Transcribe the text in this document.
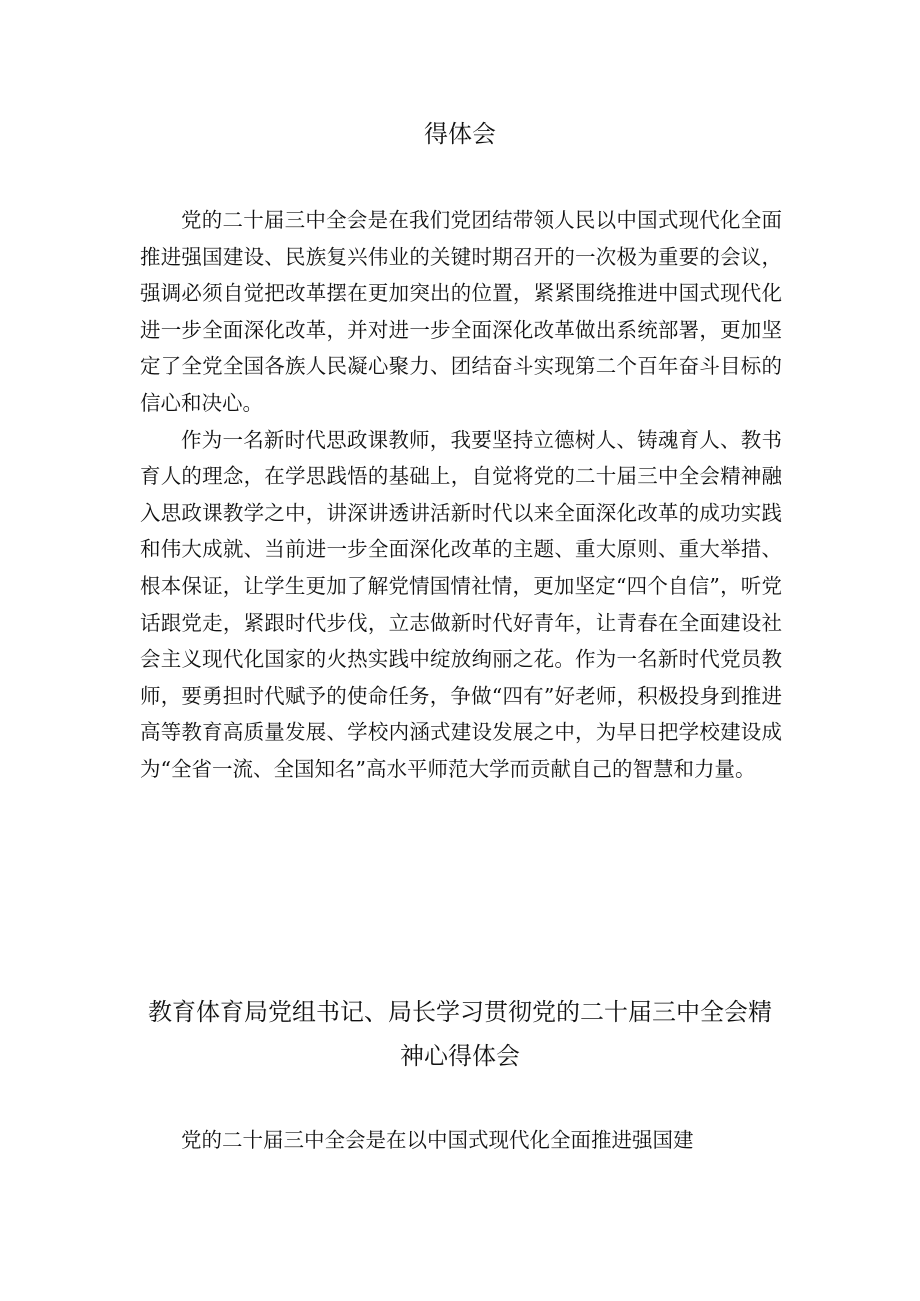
得体会

党的二十届三中全会是在我们党团结带领人民以中国式现代化全面推进强国建设、民族复兴伟业的关键时期召开的一次极为重要的会议，强调必须自觉把改革摆在更加突出的位置，紧紧围绕推进中国式现代化进一步全面深化改革，并对进一步全面深化改革做出系统部署，更加坚定了全党全国各族人民凝心聚力、团结奋斗实现第二个百年奋斗目标的信心和决心。

作为一名新时代思政课教师，我要坚持立德树人、铸魂育人、教书育人的理念，在学思践悟的基础上，自觉将党的二十届三中全会精神融入思政课教学之中，讲深讲透讲活新时代以来全面深化改革的成功实践和伟大成就、当前进一步全面深化改革的主题、重大原则、重大举措、根本保证，让学生更加了解党情国情社情，更加坚定“四个自信”，听党话跟党走，紧跟时代步伐，立志做新时代好青年，让青春在全面建设社会主义现代化国家的火热实践中绽放绚丽之花。作为一名新时代党员教师，要勇担时代赋予的使命任务，争做“四有”好老师，积极投身到推进高等教育高质量发展、学校内涵式建设发展之中，为早日把学校建设成为“全省一流、全国知名”高水平师范大学而贡献自己的智慧和力量。

教育体育局党组书记、局长学习贯彻党的二十届三中全会精神心得体会

党的二十届三中全会是在以中国式现代化全面推进强国建
